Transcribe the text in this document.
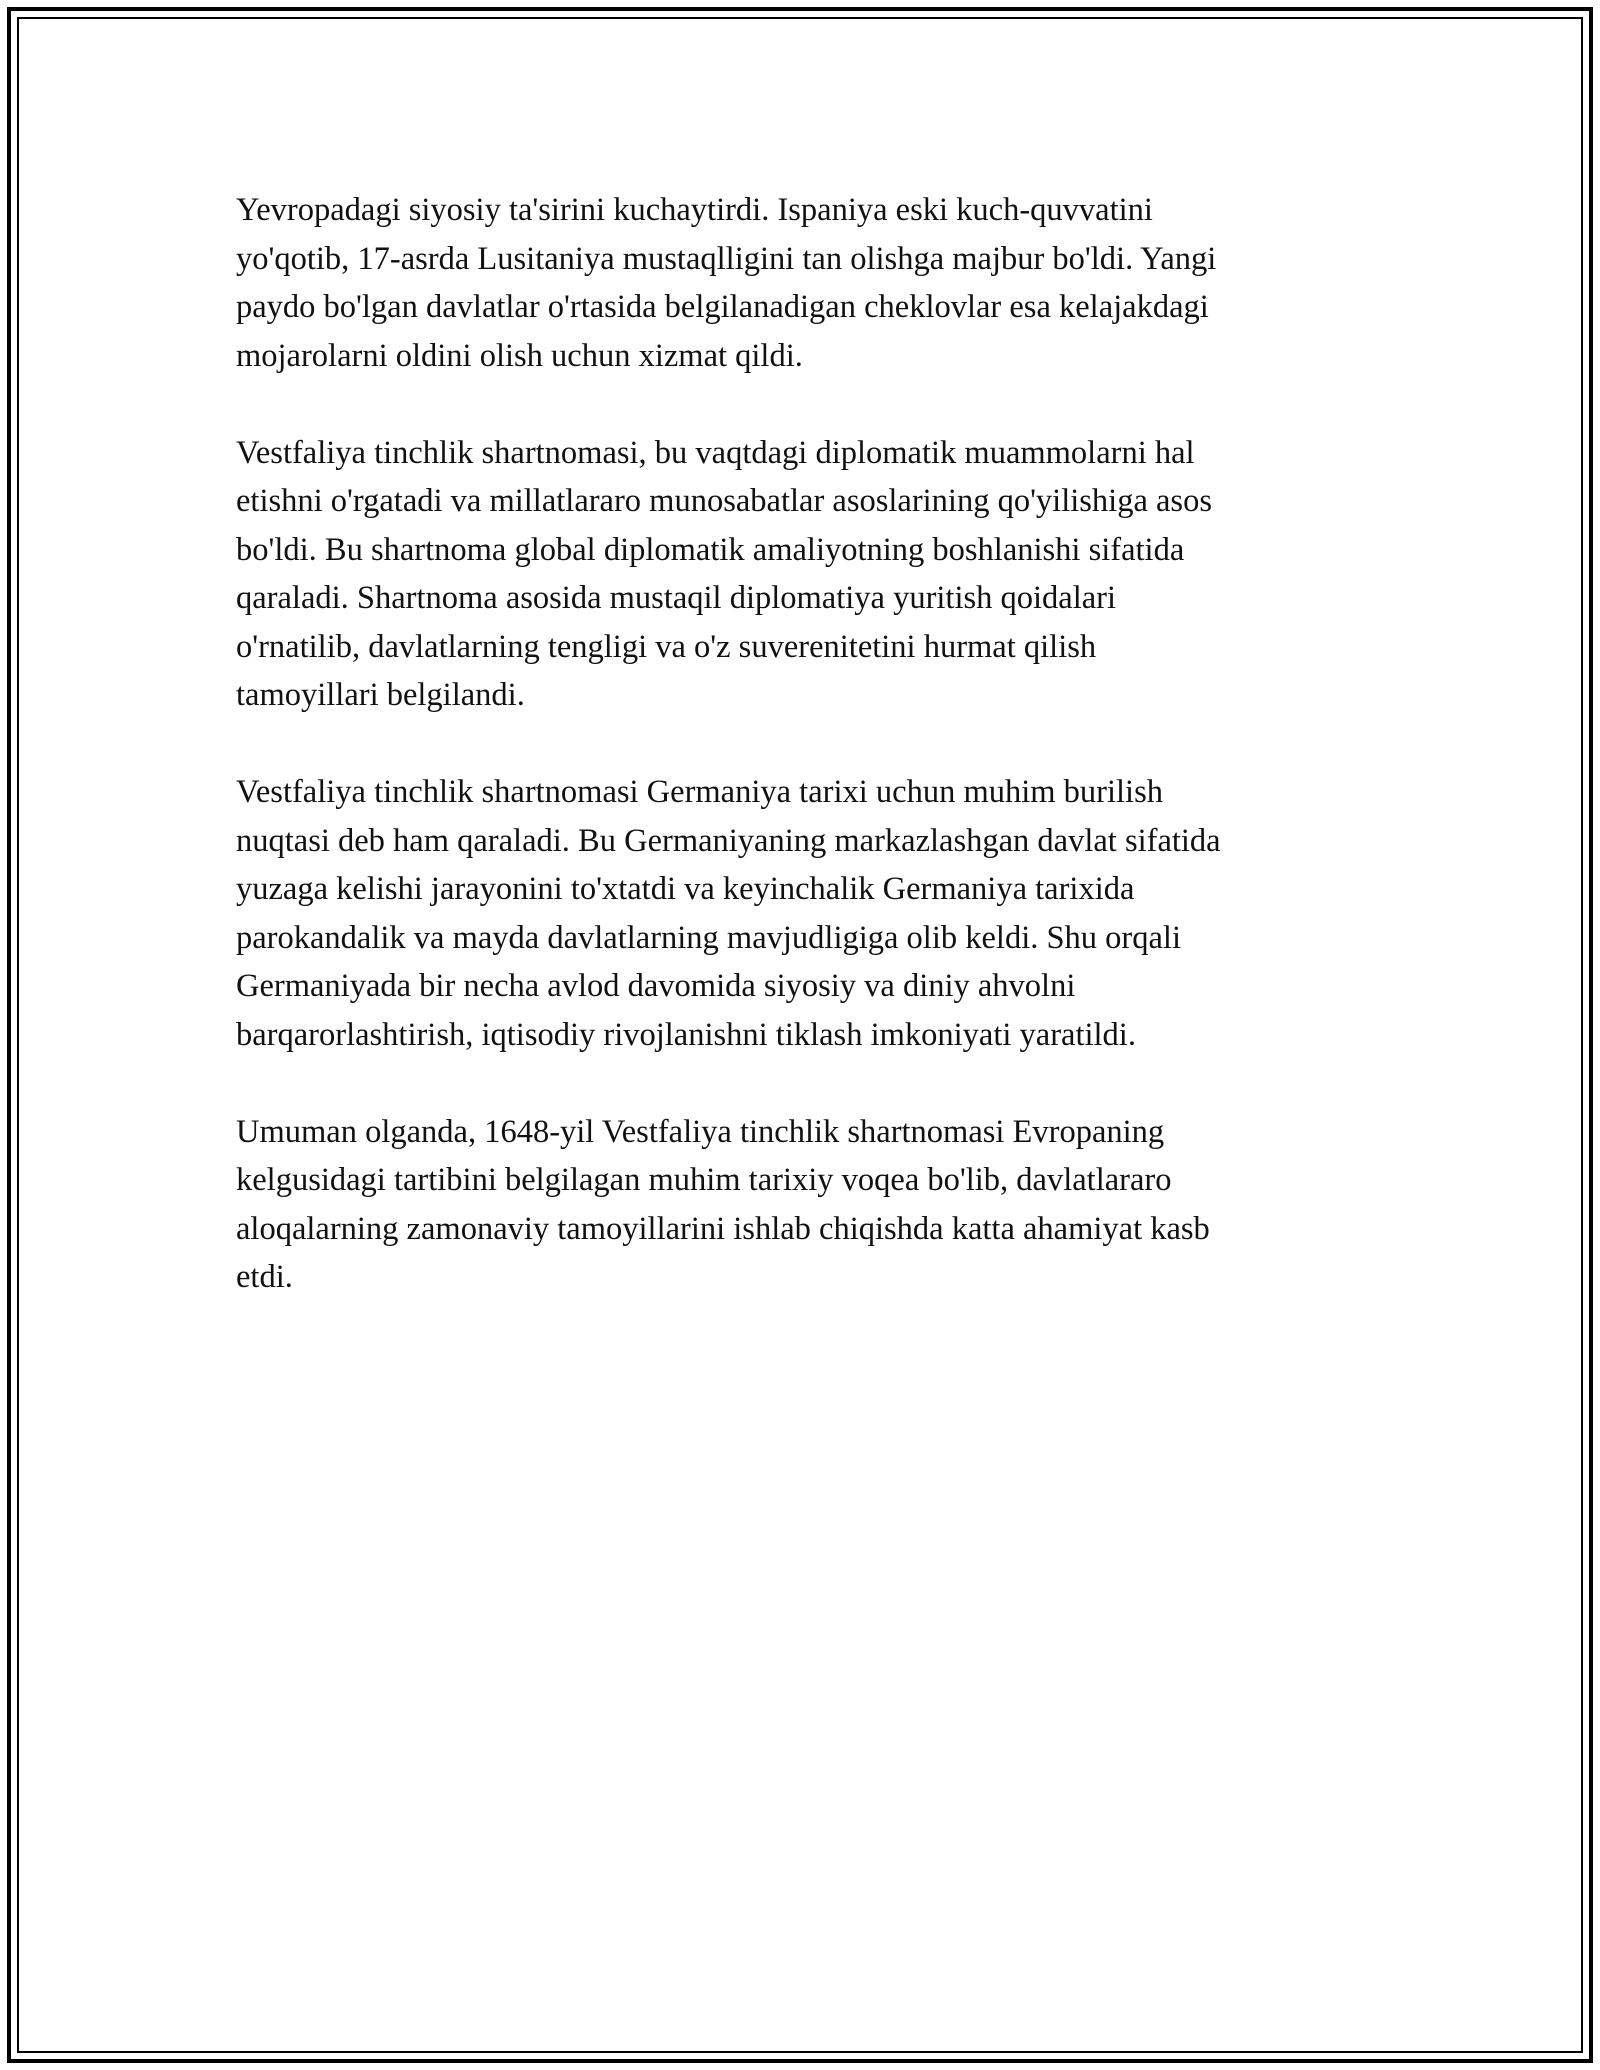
Yevropadagi siyosiy ta'sirini kuchaytirdi. Ispaniya eski kuch-quvvatini
yo'qotib, 17-asrda Lusitaniya mustaqlligini tan olishga majbur bo'ldi. Yangi
paydo bo'lgan davlatlar o'rtasida belgilanadigan cheklovlar esa kelajakdagi
mojarolarni oldini olish uchun xizmat qildi.

Vestfaliya tinchlik shartnomasi, bu vaqtdagi diplomatik muammolarni hal
etishni o'rgatadi va millatlararo munosabatlar asoslarining qo'yilishiga asos
bo'ldi. Bu shartnoma global diplomatik amaliyotning boshlanishi sifatida
qaraladi. Shartnoma asosida mustaqil diplomatiya yuritish qoidalari
o'rnatilib, davlatlarning tengligi va o'z suverenitetini hurmat qilish
tamoyillari belgilandi.

Vestfaliya tinchlik shartnomasi Germaniya tarixi uchun muhim burilish
nuqtasi deb ham qaraladi. Bu Germaniyaning markazlashgan davlat sifatida
yuzaga kelishi jarayonini to'xtatdi va keyinchalik Germaniya tarixida
parokandalik va mayda davlatlarning mavjudligiga olib keldi. Shu orqali
Germaniyada bir necha avlod davomida siyosiy va diniy ahvolni
barqarorlashtirish, iqtisodiy rivojlanishni tiklash imkoniyati yaratildi.

Umuman olganda, 1648-yil Vestfaliya tinchlik shartnomasi Evropaning
kelgusidagi tartibini belgilagan muhim tarixiy voqea bo'lib, davlatlararo
aloqalarning zamonaviy tamoyillarini ishlab chiqishda katta ahamiyat kasb
etdi.
